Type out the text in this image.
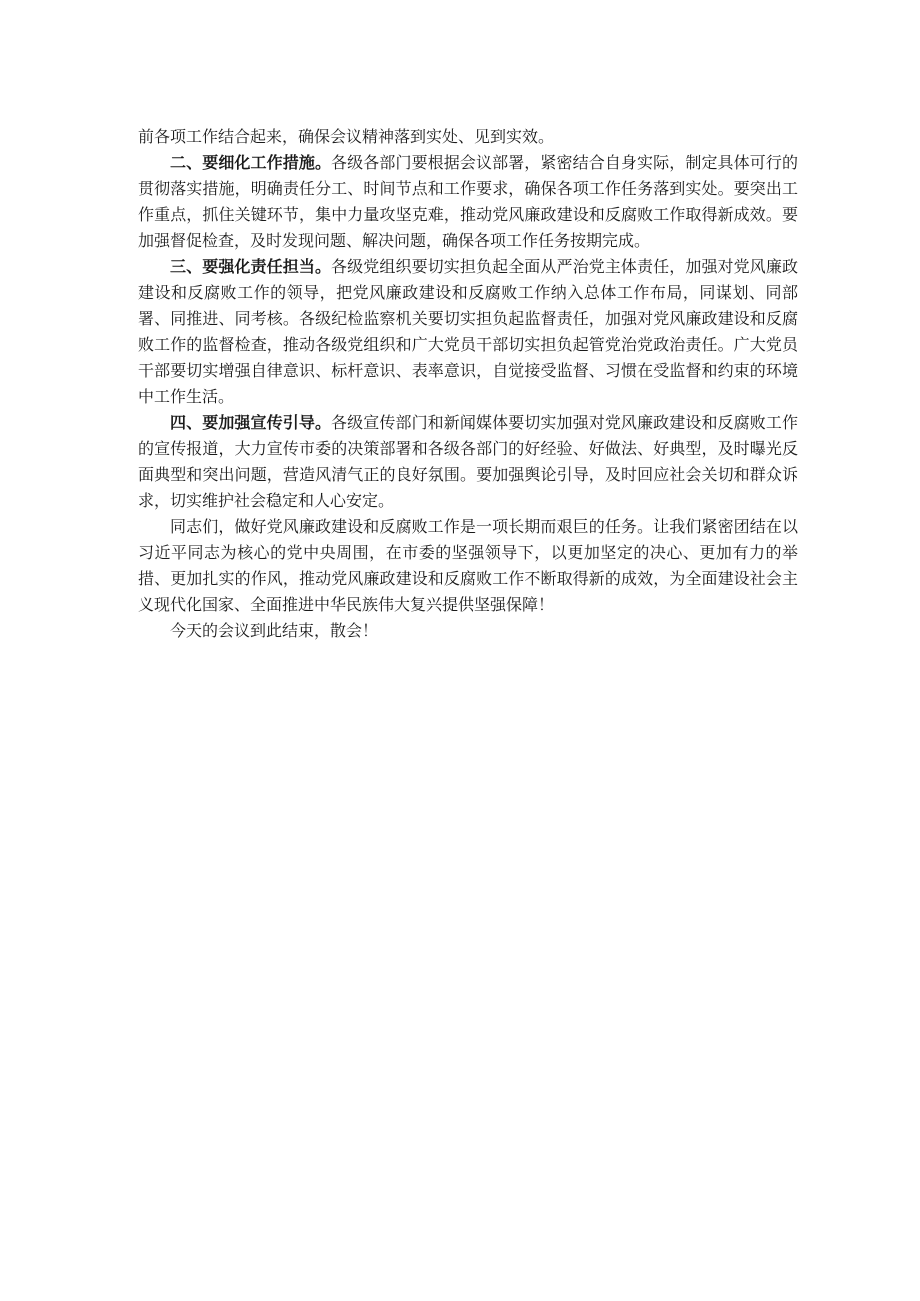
前各项工作结合起来，确保会议精神落到实处、见到实效。

二、要细化工作措施。各级各部门要根据会议部署，紧密结合自身实际，制定具体可行的贯彻落实措施，明确责任分工、时间节点和工作要求，确保各项工作任务落到实处。要突出工作重点，抓住关键环节，集中力量攻坚克难，推动党风廉政建设和反腐败工作取得新成效。要加强督促检查，及时发现问题、解决问题，确保各项工作任务按期完成。

三、要强化责任担当。各级党组织要切实担负起全面从严治党主体责任，加强对党风廉政建设和反腐败工作的领导，把党风廉政建设和反腐败工作纳入总体工作布局，同谋划、同部署、同推进、同考核。各级纪检监察机关要切实担负起监督责任，加强对党风廉政建设和反腐败工作的监督检查，推动各级党组织和广大党员干部切实担负起管党治党政治责任。广大党员干部要切实增强自律意识、标杆意识、表率意识，自觉接受监督、习惯在受监督和约束的环境中工作生活。

四、要加强宣传引导。各级宣传部门和新闻媒体要切实加强对党风廉政建设和反腐败工作的宣传报道，大力宣传市委的决策部署和各级各部门的好经验、好做法、好典型，及时曝光反面典型和突出问题，营造风清气正的良好氛围。要加强舆论引导，及时回应社会关切和群众诉求，切实维护社会稳定和人心安定。

同志们，做好党风廉政建设和反腐败工作是一项长期而艰巨的任务。让我们紧密团结在以习近平同志为核心的党中央周围，在市委的坚强领导下，以更加坚定的决心、更加有力的举措、更加扎实的作风，推动党风廉政建设和反腐败工作不断取得新的成效，为全面建设社会主义现代化国家、全面推进中华民族伟大复兴提供坚强保障！

今天的会议到此结束，散会！
